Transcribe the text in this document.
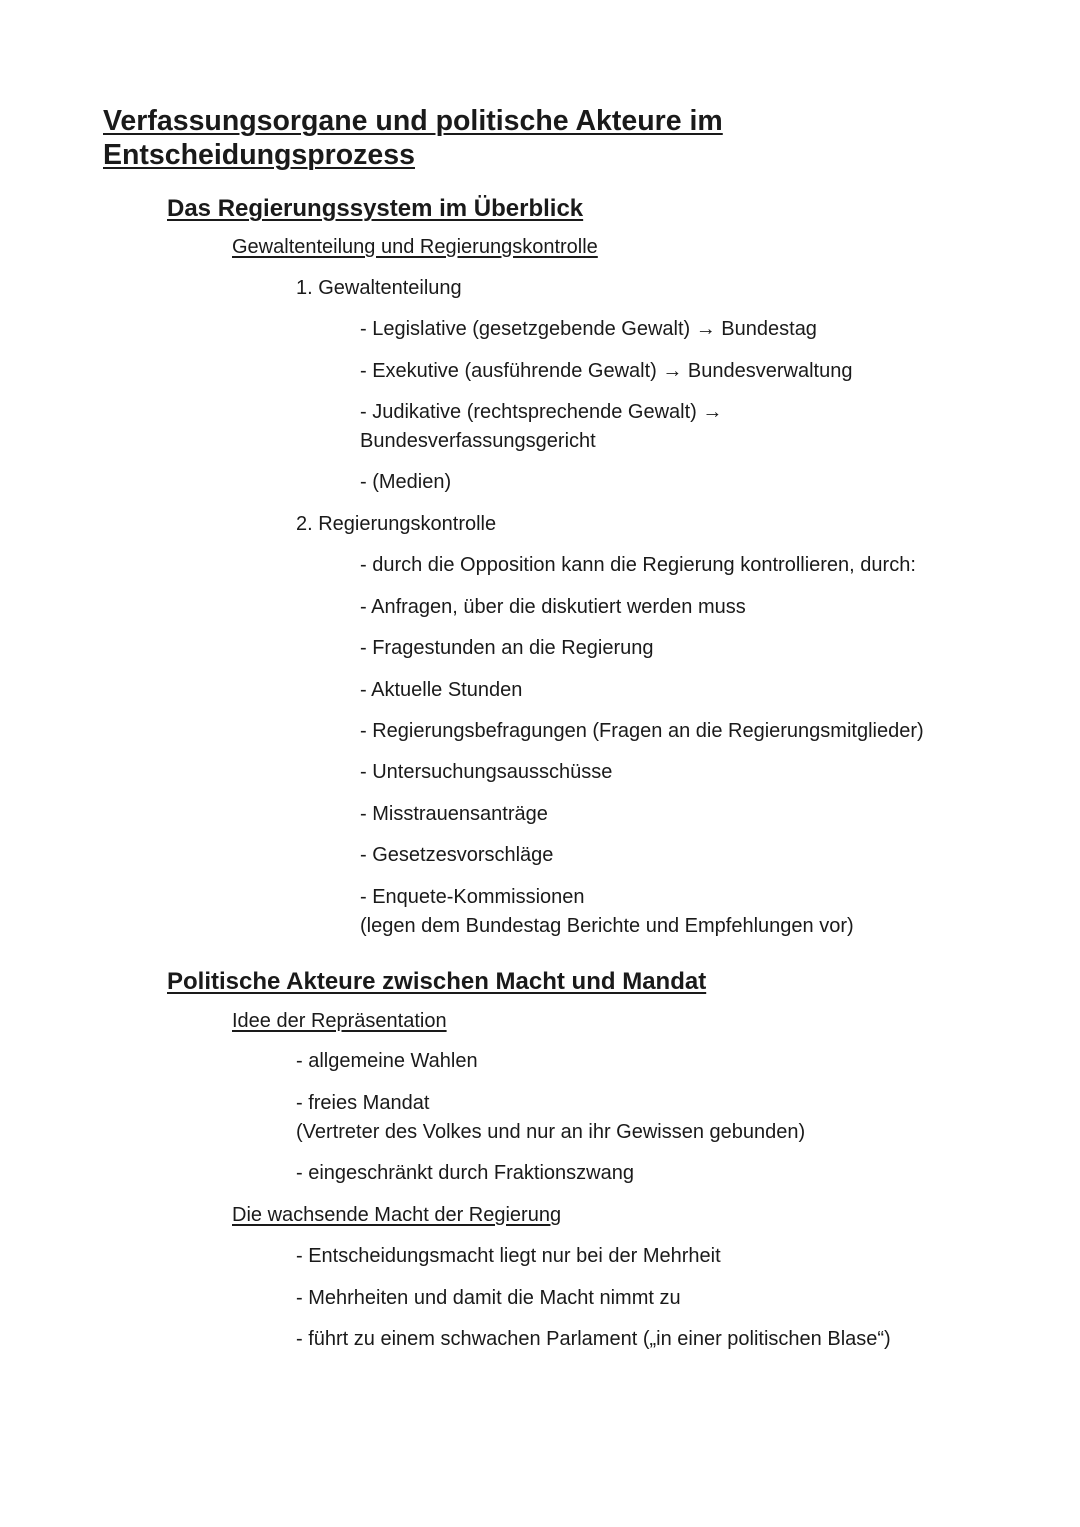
Verfassungsorgane und politische Akteure im Entscheidungsprozess
Das Regierungssystem im Überblick
Gewaltenteilung und Regierungskontrolle

1. Gewaltenteilung

- Legislative (gesetzgebende Gewalt) → Bundestag

- Exekutive (ausführende Gewalt) → Bundesverwaltung

- Judikative (rechtsprechende Gewalt) →

Bundesverfassungsgericht

- (Medien)

2. Regierungskontrolle

- durch die Opposition kann die Regierung kontrollieren, durch:

- Anfragen, über die diskutiert werden muss

- Fragestunden an die Regierung

- Aktuelle Stunden

- Regierungsbefragungen (Fragen an die Regierungsmitglieder)

- Untersuchungsausschüsse

- Misstrauensanträge

- Gesetzesvorschläge

- Enquete-Kommissionen

(legen dem Bundestag Berichte und Empfehlungen vor)

Politische Akteure zwischen Macht und Mandat
Idee der Repräsentation

- allgemeine Wahlen

- freies Mandat

(Vertreter des Volkes und nur an ihr Gewissen gebunden)

- eingeschränkt durch Fraktionszwang

Die wachsende Macht der Regierung

- Entscheidungsmacht liegt nur bei der Mehrheit

- Mehrheiten und damit die Macht nimmt zu

- führt zu einem schwachen Parlament („in einer politischen Blase“)
